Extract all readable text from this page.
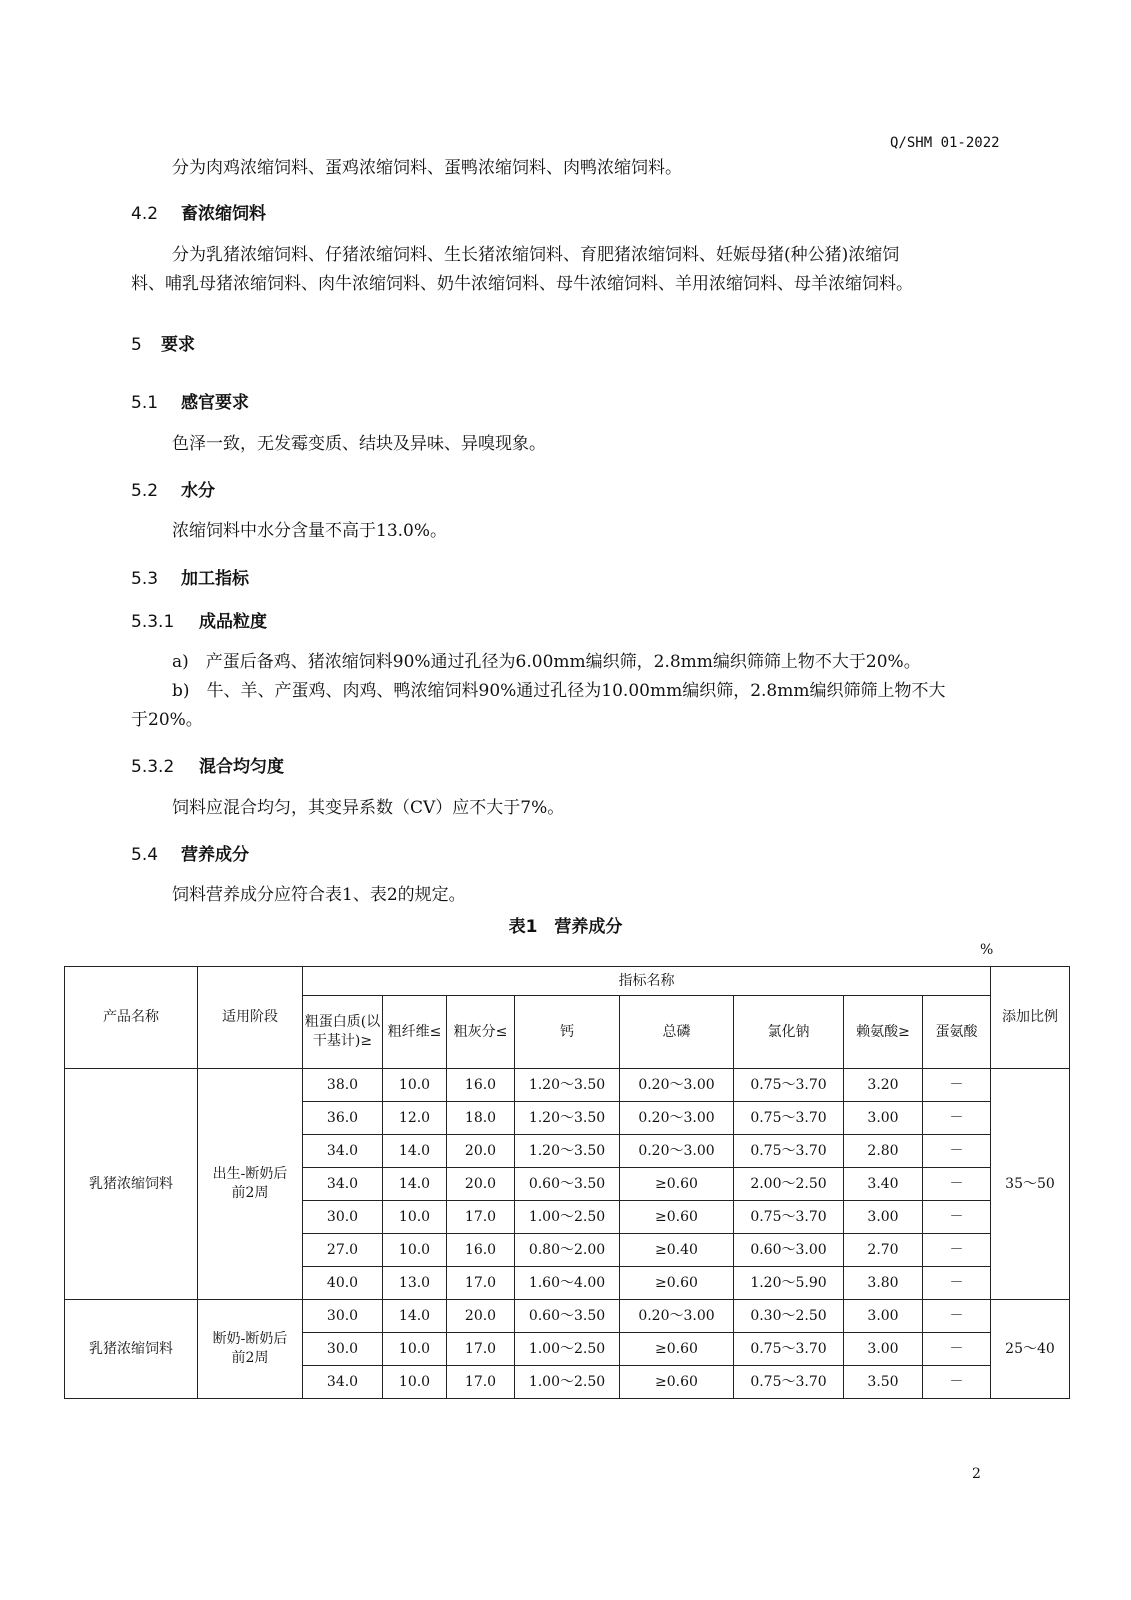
Q/SHM 01-2022
分为肉鸡浓缩饲料、蛋鸡浓缩饲料、蛋鸭浓缩饲料、肉鸭浓缩饲料。
4.2 畜浓缩饲料
分为乳猪浓缩饲料、仔猪浓缩饲料、生长猪浓缩饲料、育肥猪浓缩饲料、妊娠母猪(种公猪)浓缩饲
料、哺乳母猪浓缩饲料、肉牛浓缩饲料、奶牛浓缩饲料、母牛浓缩饲料、羊用浓缩饲料、母羊浓缩饲料。
5 要求
5.1 感官要求
色泽一致，无发霉变质、结块及异味、异嗅现象。
5.2 水分
浓缩饲料中水分含量不高于13.0%。
5.3 加工指标
5.3.1 成品粒度
a)　产蛋后备鸡、猪浓缩饲料90%通过孔径为6.00mm编织筛，2.8mm编织筛筛上物不大于20%。
b)　牛、羊、产蛋鸡、肉鸡、鸭浓缩饲料90%通过孔径为10.00mm编织筛，2.8mm编织筛筛上物不大
于20%。
5.3.2 混合均匀度
饲料应混合均匀，其变异系数（CV）应不大于7%。
5.4 营养成分
饲料营养成分应符合表1、表2的规定。
表1　营养成分
%
产品名称	适用阶段	指标名称								添加比例
		粗蛋白质(以干基计)≥	粗纤维≤	粗灰分≤	钙	总磷	氯化钠	赖氨酸≥	蛋氨酸	
乳猪浓缩饲料	出生-断奶后前2周	38.0	10.0	16.0	1.20～3.50	0.20～3.00	0.75～3.70	3.20	－	35～50
		36.0	12.0	18.0	1.20～3.50	0.20～3.00	0.75～3.70	3.00	－	
		34.0	14.0	20.0	1.20～3.50	0.20～3.00	0.75～3.70	2.80	－	
		34.0	14.0	20.0	0.60～3.50	≥0.60	2.00～2.50	3.40	－	
		30.0	10.0	17.0	1.00～2.50	≥0.60	0.75～3.70	3.00	－	
		27.0	10.0	16.0	0.80～2.00	≥0.40	0.60～3.00	2.70	－	
		40.0	13.0	17.0	1.60～4.00	≥0.60	1.20～5.90	3.80	－	
乳猪浓缩饲料	断奶-断奶后前2周	30.0	14.0	20.0	0.60～3.50	0.20～3.00	0.30～2.50	3.00	－	25～40
		30.0	10.0	17.0	1.00～2.50	≥0.60	0.75～3.70	3.00	－	
		34.0	10.0	17.0	1.00～2.50	≥0.60	0.75～3.70	3.50	－	
2
